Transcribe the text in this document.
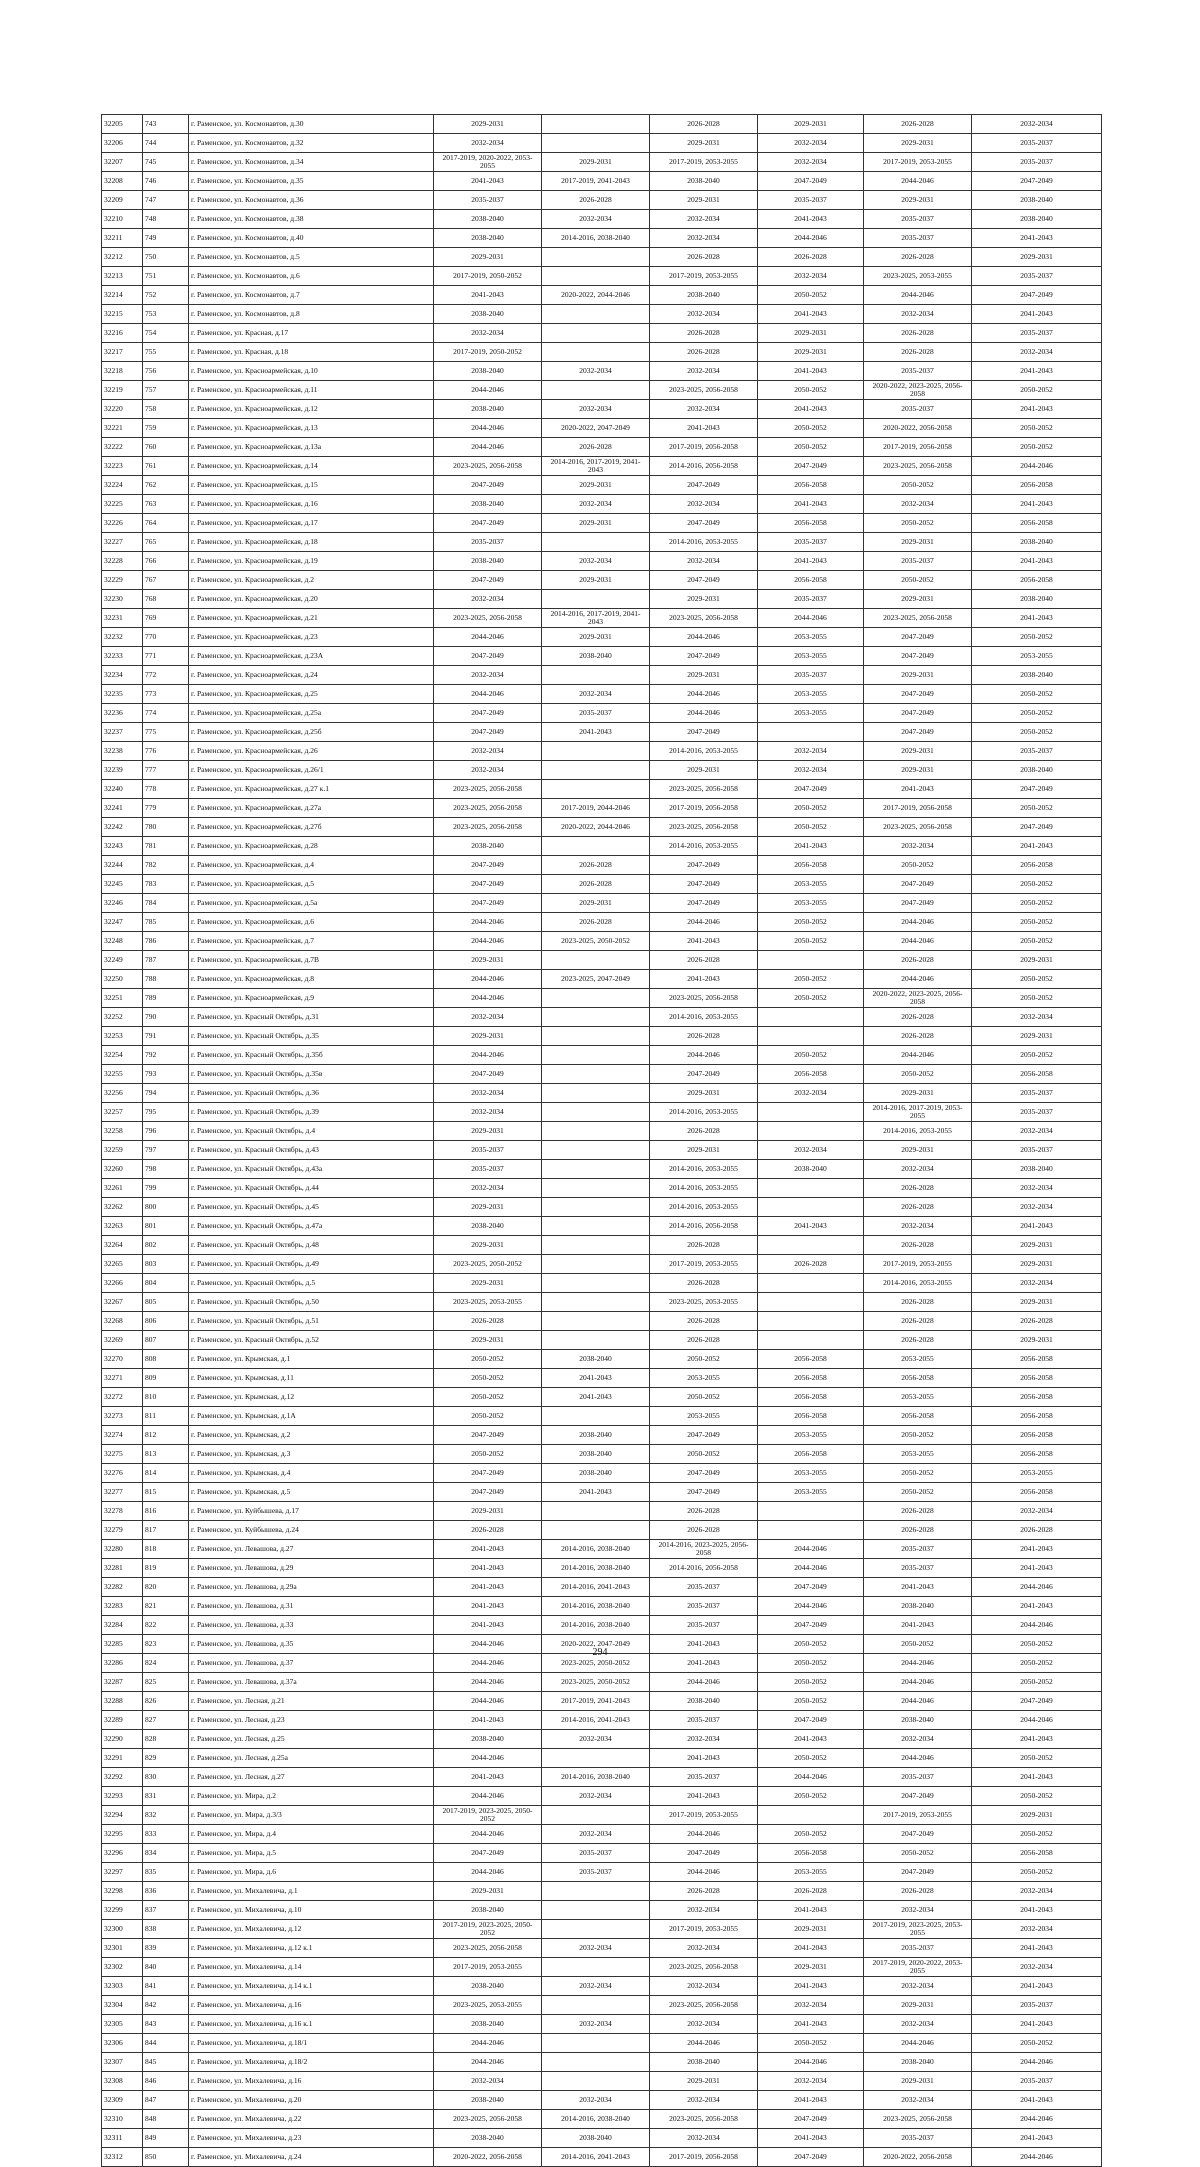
32205	743	г. Раменское, ул. Космонавтов, д.30	2029-2031		2026-2028	2029-2031	2026-2028	2032-2034
32206	744	г. Раменское, ул. Космонавтов, д.32	2032-2034		2029-2031	2032-2034	2029-2031	2035-2037
32207	745	г. Раменское, ул. Космонавтов, д.34	2017-2019, 2020-2022, 2053-2055	2029-2031	2017-2019, 2053-2055	2032-2034	2017-2019, 2053-2055	2035-2037
32208	746	г. Раменское, ул. Космонавтов, д.35	2041-2043	2017-2019, 2041-2043	2038-2040	2047-2049	2044-2046	2047-2049
32209	747	г. Раменское, ул. Космонавтов, д.36	2035-2037	2026-2028	2029-2031	2035-2037	2029-2031	2038-2040
32210	748	г. Раменское, ул. Космонавтов, д.38	2038-2040	2032-2034	2032-2034	2041-2043	2035-2037	2038-2040
32211	749	г. Раменское, ул. Космонавтов, д.40	2038-2040	2014-2016, 2038-2040	2032-2034	2044-2046	2035-2037	2041-2043
32212	750	г. Раменское, ул. Космонавтов, д.5	2029-2031		2026-2028	2026-2028	2026-2028	2029-2031
32213	751	г. Раменское, ул. Космонавтов, д.6	2017-2019, 2050-2052		2017-2019, 2053-2055	2032-2034	2023-2025, 2053-2055	2035-2037
32214	752	г. Раменское, ул. Космонавтов, д.7	2041-2043	2020-2022, 2044-2046	2038-2040	2050-2052	2044-2046	2047-2049
32215	753	г. Раменское, ул. Космонавтов, д.8	2038-2040		2032-2034	2041-2043	2032-2034	2041-2043
32216	754	г. Раменское, ул. Красная, д.17	2032-2034		2026-2028	2029-2031	2026-2028	2035-2037
32217	755	г. Раменское, ул. Красная, д.18	2017-2019, 2050-2052		2026-2028	2029-2031	2026-2028	2032-2034
32218	756	г. Раменское, ул. Красноармейская, д.10	2038-2040	2032-2034	2032-2034	2041-2043	2035-2037	2041-2043
32219	757	г. Раменское, ул. Красноармейская, д.11	2044-2046		2023-2025, 2056-2058	2050-2052	2020-2022, 2023-2025, 2056-2058	2050-2052
32220	758	г. Раменское, ул. Красноармейская, д.12	2038-2040	2032-2034	2032-2034	2041-2043	2035-2037	2041-2043
32221	759	г. Раменское, ул. Красноармейская, д.13	2044-2046	2020-2022, 2047-2049	2041-2043	2050-2052	2020-2022, 2056-2058	2050-2052
32222	760	г. Раменское, ул. Красноармейская, д.13а	2044-2046	2026-2028	2017-2019, 2056-2058	2050-2052	2017-2019, 2056-2058	2050-2052
32223	761	г. Раменское, ул. Красноармейская, д.14	2023-2025, 2056-2058	2014-2016, 2017-2019, 2041-2043	2014-2016, 2056-2058	2047-2049	2023-2025, 2056-2058	2044-2046
32224	762	г. Раменское, ул. Красноармейская, д.15	2047-2049	2029-2031	2047-2049	2056-2058	2050-2052	2056-2058
32225	763	г. Раменское, ул. Красноармейская, д.16	2038-2040	2032-2034	2032-2034	2041-2043	2032-2034	2041-2043
32226	764	г. Раменское, ул. Красноармейская, д.17	2047-2049	2029-2031	2047-2049	2056-2058	2050-2052	2056-2058
32227	765	г. Раменское, ул. Красноармейская, д.18	2035-2037		2014-2016, 2053-2055	2035-2037	2029-2031	2038-2040
32228	766	г. Раменское, ул. Красноармейская, д.19	2038-2040	2032-2034	2032-2034	2041-2043	2035-2037	2041-2043
32229	767	г. Раменское, ул. Красноармейская, д.2	2047-2049	2029-2031	2047-2049	2056-2058	2050-2052	2056-2058
32230	768	г. Раменское, ул. Красноармейская, д.20	2032-2034		2029-2031	2035-2037	2029-2031	2038-2040
32231	769	г. Раменское, ул. Красноармейская, д.21	2023-2025, 2056-2058	2014-2016, 2017-2019, 2041-2043	2023-2025, 2056-2058	2044-2046	2023-2025, 2056-2058	2041-2043
32232	770	г. Раменское, ул. Красноармейская, д.23	2044-2046	2029-2031	2044-2046	2053-2055	2047-2049	2050-2052
32233	771	г. Раменское, ул. Красноармейская, д.23А	2047-2049	2038-2040	2047-2049	2053-2055	2047-2049	2053-2055
32234	772	г. Раменское, ул. Красноармейская, д.24	2032-2034		2029-2031	2035-2037	2029-2031	2038-2040
32235	773	г. Раменское, ул. Красноармейская, д.25	2044-2046	2032-2034	2044-2046	2053-2055	2047-2049	2050-2052
32236	774	г. Раменское, ул. Красноармейская, д.25а	2047-2049	2035-2037	2044-2046	2053-2055	2047-2049	2050-2052
32237	775	г. Раменское, ул. Красноармейская, д.25б	2047-2049	2041-2043	2047-2049		2047-2049	2050-2052
32238	776	г. Раменское, ул. Красноармейская, д.26	2032-2034		2014-2016, 2053-2055	2032-2034	2029-2031	2035-2037
32239	777	г. Раменское, ул. Красноармейская, д.26/1	2032-2034		2029-2031	2032-2034	2029-2031	2038-2040
32240	778	г. Раменское, ул. Красноармейская, д.27 к.1	2023-2025, 2056-2058		2023-2025, 2056-2058	2047-2049	2041-2043	2047-2049
32241	779	г. Раменское, ул. Красноармейская, д.27а	2023-2025, 2056-2058	2017-2019, 2044-2046	2017-2019, 2056-2058	2050-2052	2017-2019, 2056-2058	2050-2052
32242	780	г. Раменское, ул. Красноармейская, д.27б	2023-2025, 2056-2058	2020-2022, 2044-2046	2023-2025, 2056-2058	2050-2052	2023-2025, 2056-2058	2047-2049
32243	781	г. Раменское, ул. Красноармейская, д.28	2038-2040		2014-2016, 2053-2055	2041-2043	2032-2034	2041-2043
32244	782	г. Раменское, ул. Красноармейская, д.4	2047-2049	2026-2028	2047-2049	2056-2058	2050-2052	2056-2058
32245	783	г. Раменское, ул. Красноармейская, д.5	2047-2049	2026-2028	2047-2049	2053-2055	2047-2049	2050-2052
32246	784	г. Раменское, ул. Красноармейская, д.5а	2047-2049	2029-2031	2047-2049	2053-2055	2047-2049	2050-2052
32247	785	г. Раменское, ул. Красноармейская, д.6	2044-2046	2026-2028	2044-2046	2050-2052	2044-2046	2050-2052
32248	786	г. Раменское, ул. Красноармейская, д.7	2044-2046	2023-2025, 2050-2052	2041-2043	2050-2052	2044-2046	2050-2052
32249	787	г. Раменское, ул. Красноармейская, д.7В	2029-2031		2026-2028		2026-2028	2029-2031
32250	788	г. Раменское, ул. Красноармейская, д.8	2044-2046	2023-2025, 2047-2049	2041-2043	2050-2052	2044-2046	2050-2052
32251	789	г. Раменское, ул. Красноармейская, д.9	2044-2046		2023-2025, 2056-2058	2050-2052	2020-2022, 2023-2025, 2056-2058	2050-2052
32252	790	г. Раменское, ул. Красный Октябрь, д.31	2032-2034		2014-2016, 2053-2055		2026-2028	2032-2034
32253	791	г. Раменское, ул. Красный Октябрь, д.35	2029-2031		2026-2028		2026-2028	2029-2031
32254	792	г. Раменское, ул. Красный Октябрь, д.35б	2044-2046		2044-2046	2050-2052	2044-2046	2050-2052
32255	793	г. Раменское, ул. Красный Октябрь, д.35в	2047-2049		2047-2049	2056-2058	2050-2052	2056-2058
32256	794	г. Раменское, ул. Красный Октябрь, д.36	2032-2034		2029-2031	2032-2034	2029-2031	2035-2037
32257	795	г. Раменское, ул. Красный Октябрь, д.39	2032-2034		2014-2016, 2053-2055		2014-2016, 2017-2019, 2053-2055	2035-2037
32258	796	г. Раменское, ул. Красный Октябрь, д.4	2029-2031		2026-2028		2014-2016, 2053-2055	2032-2034
32259	797	г. Раменское, ул. Красный Октябрь, д.43	2035-2037		2029-2031	2032-2034	2029-2031	2035-2037
32260	798	г. Раменское, ул. Красный Октябрь, д.43а	2035-2037		2014-2016, 2053-2055	2038-2040	2032-2034	2038-2040
32261	799	г. Раменское, ул. Красный Октябрь, д.44	2032-2034		2014-2016, 2053-2055		2026-2028	2032-2034
32262	800	г. Раменское, ул. Красный Октябрь, д.45	2029-2031		2014-2016, 2053-2055		2026-2028	2032-2034
32263	801	г. Раменское, ул. Красный Октябрь, д.47а	2038-2040		2014-2016, 2056-2058	2041-2043	2032-2034	2041-2043
32264	802	г. Раменское, ул. Красный Октябрь, д.48	2029-2031		2026-2028		2026-2028	2029-2031
32265	803	г. Раменское, ул. Красный Октябрь, д.49	2023-2025, 2050-2052		2017-2019, 2053-2055	2026-2028	2017-2019, 2053-2055	2029-2031
32266	804	г. Раменское, ул. Красный Октябрь, д.5	2029-2031		2026-2028		2014-2016, 2053-2055	2032-2034
32267	805	г. Раменское, ул. Красный Октябрь, д.50	2023-2025, 2053-2055		2023-2025, 2053-2055		2026-2028	2029-2031
32268	806	г. Раменское, ул. Красный Октябрь, д.51	2026-2028		2026-2028		2026-2028	2026-2028
32269	807	г. Раменское, ул. Красный Октябрь, д.52	2029-2031		2026-2028		2026-2028	2029-2031
32270	808	г. Раменское, ул. Крымская, д.1	2050-2052	2038-2040	2050-2052	2056-2058	2053-2055	2056-2058
32271	809	г. Раменское, ул. Крымская, д.11	2050-2052	2041-2043	2053-2055	2056-2058	2056-2058	2056-2058
32272	810	г. Раменское, ул. Крымская, д.12	2050-2052	2041-2043	2050-2052	2056-2058	2053-2055	2056-2058
32273	811	г. Раменское, ул. Крымская, д.1А	2050-2052		2053-2055	2056-2058	2056-2058	2056-2058
32274	812	г. Раменское, ул. Крымская, д.2	2047-2049	2038-2040	2047-2049	2053-2055	2050-2052	2056-2058
32275	813	г. Раменское, ул. Крымская, д.3	2050-2052	2038-2040	2050-2052	2056-2058	2053-2055	2056-2058
32276	814	г. Раменское, ул. Крымская, д.4	2047-2049	2038-2040	2047-2049	2053-2055	2050-2052	2053-2055
32277	815	г. Раменское, ул. Крымская, д.5	2047-2049	2041-2043	2047-2049	2053-2055	2050-2052	2056-2058
32278	816	г. Раменское, ул. Куйбышева, д.17	2029-2031		2026-2028		2026-2028	2032-2034
32279	817	г. Раменское, ул. Куйбышева, д.24	2026-2028		2026-2028		2026-2028	2026-2028
32280	818	г. Раменское, ул. Левашова, д.27	2041-2043	2014-2016, 2038-2040	2014-2016, 2023-2025, 2056-2058	2044-2046	2035-2037	2041-2043
32281	819	г. Раменское, ул. Левашова, д.29	2041-2043	2014-2016, 2038-2040	2014-2016, 2056-2058	2044-2046	2035-2037	2041-2043
32282	820	г. Раменское, ул. Левашова, д.29а	2041-2043	2014-2016, 2041-2043	2035-2037	2047-2049	2041-2043	2044-2046
32283	821	г. Раменское, ул. Левашова, д.31	2041-2043	2014-2016, 2038-2040	2035-2037	2044-2046	2038-2040	2041-2043
32284	822	г. Раменское, ул. Левашова, д.33	2041-2043	2014-2016, 2038-2040	2035-2037	2047-2049	2041-2043	2044-2046
32285	823	г. Раменское, ул. Левашова, д.35	2044-2046	2020-2022, 2047-2049	2041-2043	2050-2052	2050-2052	2050-2052
32286	824	г. Раменское, ул. Левашова, д.37	2044-2046	2023-2025, 2050-2052	2041-2043	2050-2052	2044-2046	2050-2052
32287	825	г. Раменское, ул. Левашова, д.37а	2044-2046	2023-2025, 2050-2052	2044-2046	2050-2052	2044-2046	2050-2052
32288	826	г. Раменское, ул. Лесная, д.21	2044-2046	2017-2019, 2041-2043	2038-2040	2050-2052	2044-2046	2047-2049
32289	827	г. Раменское, ул. Лесная, д.23	2041-2043	2014-2016, 2041-2043	2035-2037	2047-2049	2038-2040	2044-2046
32290	828	г. Раменское, ул. Лесная, д.25	2038-2040	2032-2034	2032-2034	2041-2043	2032-2034	2041-2043
32291	829	г. Раменское, ул. Лесная, д.25а	2044-2046		2041-2043	2050-2052	2044-2046	2050-2052
32292	830	г. Раменское, ул. Лесная, д.27	2041-2043	2014-2016, 2038-2040	2035-2037	2044-2046	2035-2037	2041-2043
32293	831	г. Раменское, ул. Мира, д.2	2044-2046	2032-2034	2041-2043	2050-2052	2047-2049	2050-2052
32294	832	г. Раменское, ул. Мира, д.3/3	2017-2019, 2023-2025, 2050-2052		2017-2019, 2053-2055		2017-2019, 2053-2055	2029-2031
32295	833	г. Раменское, ул. Мира, д.4	2044-2046	2032-2034	2044-2046	2050-2052	2047-2049	2050-2052
32296	834	г. Раменское, ул. Мира, д.5	2047-2049	2035-2037	2047-2049	2056-2058	2050-2052	2056-2058
32297	835	г. Раменское, ул. Мира, д.6	2044-2046	2035-2037	2044-2046	2053-2055	2047-2049	2050-2052
32298	836	г. Раменское, ул. Михалевича, д.1	2029-2031		2026-2028	2026-2028	2026-2028	2032-2034
32299	837	г. Раменское, ул. Михалевича, д.10	2038-2040		2032-2034	2041-2043	2032-2034	2041-2043
32300	838	г. Раменское, ул. Михалевича, д.12	2017-2019, 2023-2025, 2050-2052		2017-2019, 2053-2055	2029-2031	2017-2019, 2023-2025, 2053-2055	2032-2034
32301	839	г. Раменское, ул. Михалевича, д.12 к.1	2023-2025, 2056-2058	2032-2034	2032-2034	2041-2043	2035-2037	2041-2043
32302	840	г. Раменское, ул. Михалевича, д.14	2017-2019, 2053-2055		2023-2025, 2056-2058	2029-2031	2017-2019, 2020-2022, 2053-2055	2032-2034
32303	841	г. Раменское, ул. Михалевича, д.14 к.1	2038-2040	2032-2034	2032-2034	2041-2043	2032-2034	2041-2043
32304	842	г. Раменское, ул. Михалевича, д.16	2023-2025, 2053-2055		2023-2025, 2056-2058	2032-2034	2029-2031	2035-2037
32305	843	г. Раменское, ул. Михалевича, д.16 к.1	2038-2040	2032-2034	2032-2034	2041-2043	2032-2034	2041-2043
32306	844	г. Раменское, ул. Михалевича, д.18/1	2044-2046		2044-2046	2050-2052	2044-2046	2050-2052
32307	845	г. Раменское, ул. Михалевича, д.18/2	2044-2046		2038-2040	2044-2046	2038-2040	2044-2046
32308	846	г. Раменское, ул. Михалевича, д.16	2032-2034		2029-2031	2032-2034	2029-2031	2035-2037
32309	847	г. Раменское, ул. Михалевича, д.20	2038-2040	2032-2034	2032-2034	2041-2043	2032-2034	2041-2043
32310	848	г. Раменское, ул. Михалевича, д.22	2023-2025, 2056-2058	2014-2016, 2038-2040	2023-2025, 2056-2058	2047-2049	2023-2025, 2056-2058	2044-2046
32311	849	г. Раменское, ул. Михалевича, д.23	2038-2040	2038-2040	2032-2034	2041-2043	2035-2037	2041-2043
32312	850	г. Раменское, ул. Михалевича, д.24	2020-2022, 2056-2058	2014-2016, 2041-2043	2017-2019, 2056-2058	2047-2049	2020-2022, 2056-2058	2044-2046
294
